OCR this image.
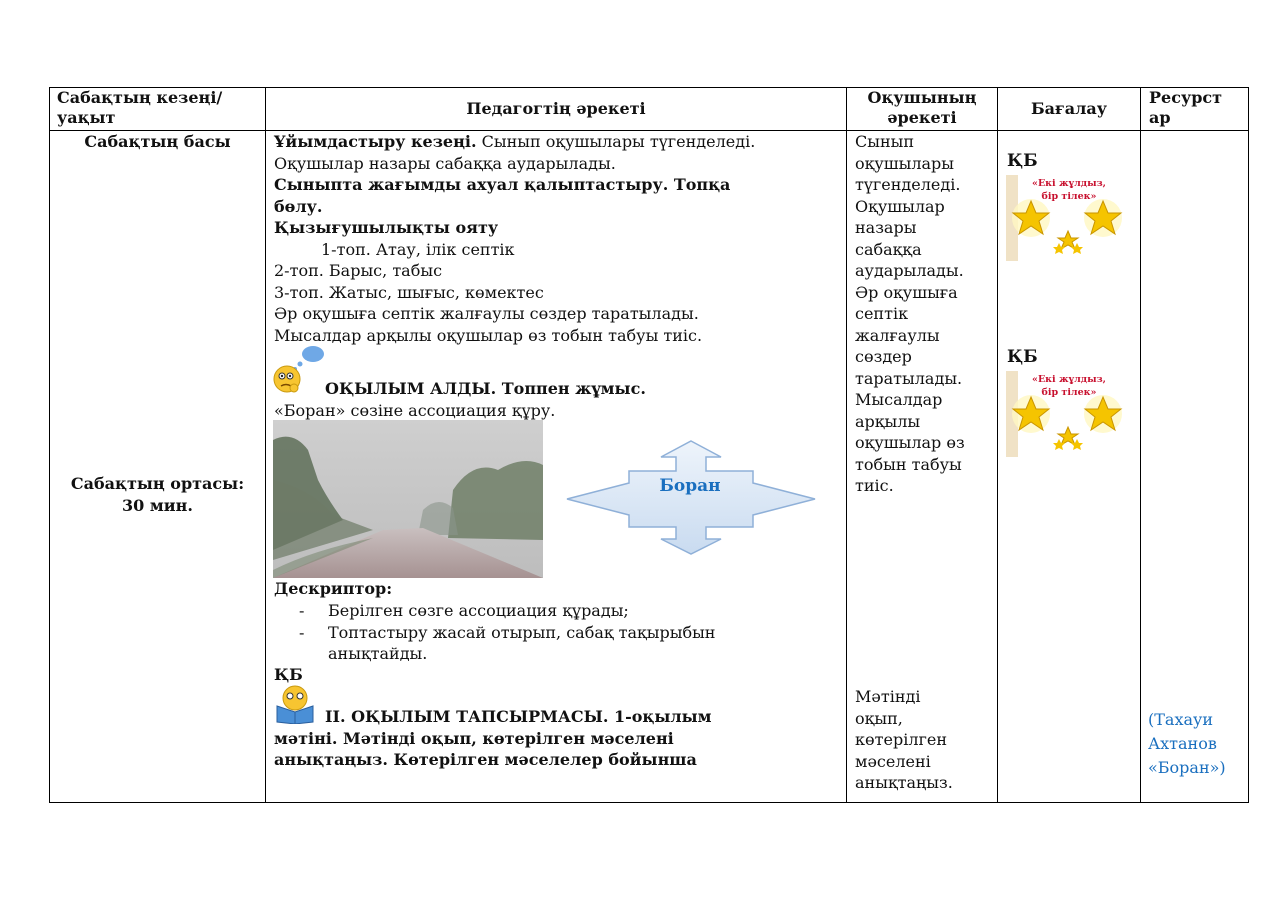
Сабақтың кезеңі/
уақыт	Педагогтің әрекеті
Оқушының
әрекеті	Бағалау
Ресурст
ар
Сабақтың басы
Сабақтың ортасы:
30 мин.
Ұйымдастыру кезеңі. Сынып оқушылары түгенделеді.
Оқушылар назары сабаққа аударылады.
Сыныпта жағымды ахуал қалыптастыру. Топқа
бөлу.
Қызығушылықты ояту
1-топ. Атау, ілік септік
2-топ. Барыс, табыс
3-топ. Жатыс, шығыс, көмектес
Әр оқушыға септік жалғаулы сөздер таратылады.
Мысалдар арқылы оқушылар өз тобын табуы тиіс.
ОҚЫЛЫМ АЛДЫ. Топпен жұмыс.
«Боран» сөзіне ассоциация құру.
Боран
Дескриптор:
- Берілген сөзге ассоциация құрады;
- Топтастыру жасай отырып, сабақ тақырыбын
анықтайды.
ҚБ
ІІ. ОҚЫЛЫМ ТАПСЫРМАСЫ. 1-оқылым
мәтіні. Мәтінді оқып, көтерілген мәселені
анықтаңыз. Көтерілген мәселелер бойынша
Сынып
оқушылары
түгенделеді.
Оқушылар
назары
сабаққа
аударылады.
Әр оқушыға
септік
жалғаулы
сөздер
таратылады.
Мысалдар
арқылы
оқушылар өз
тобын табуы
тиіс.
Мәтінді
оқып,
көтерілген
мәселені
анықтаңыз.
ҚБ
«Екі жұлдыз,
бір тілек»
ҚБ
«Екі жұлдыз,
бір тілек»
(Тахауи
Ахтанов
«Боран»)
